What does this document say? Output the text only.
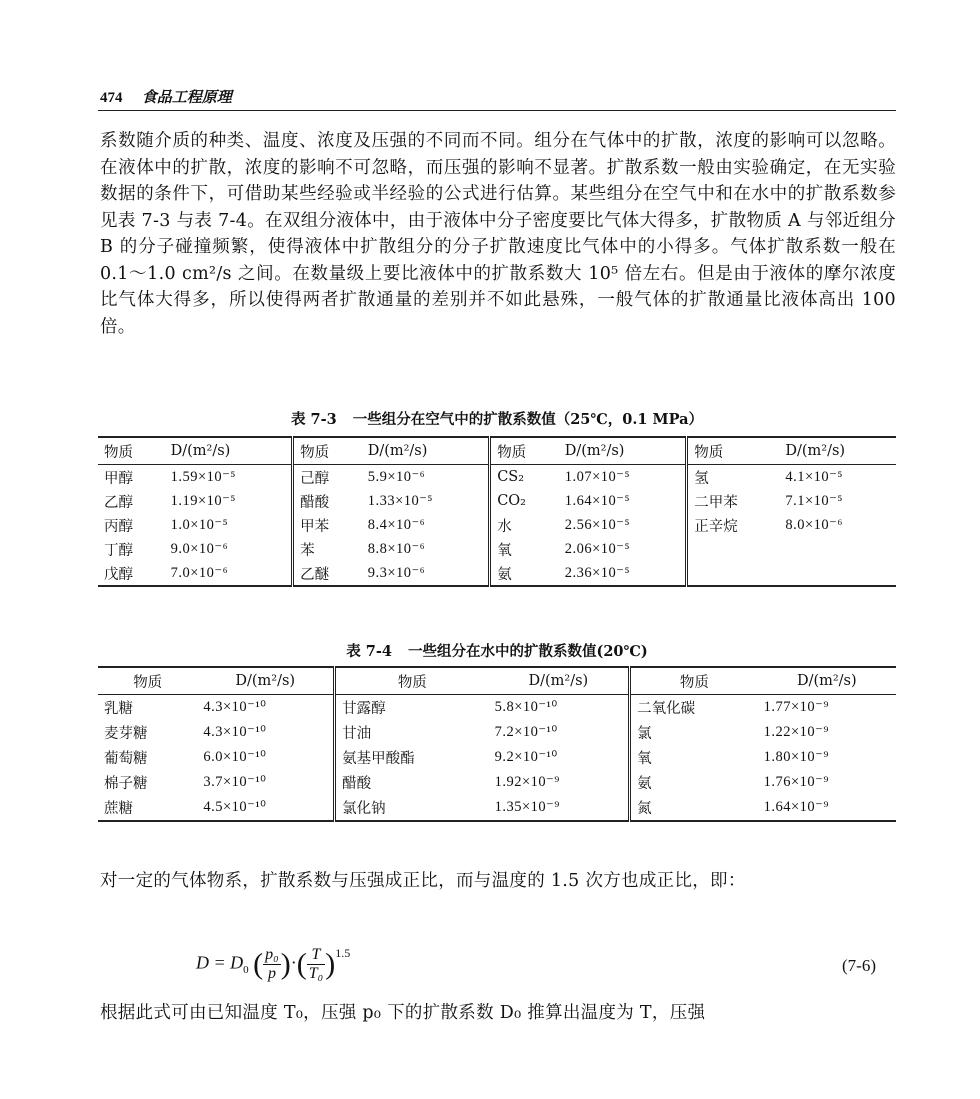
474 食品工程原理
系数随介质的种类、温度、浓度及压强的不同而不同。组分在气体中的扩散，浓度的影响可以忽略。在液体中的扩散，浓度的影响不可忽略，而压强的影响不显著。扩散系数一般由实验确定，在无实验数据的条件下，可借助某些经验或半经验的公式进行估算。某些组分在空气中和在水中的扩散系数参见表 7-3 与表 7-4。在双组分液体中，由于液体中分子密度要比气体大得多，扩散物质 A 与邻近组分 B 的分子碰撞频繁，使得液体中扩散组分的分子扩散速度比气体中的小得多。气体扩散系数一般在 0.1～1.0 cm²/s 之间。在数量级上要比液体中的扩散系数大 10⁵ 倍左右。但是由于液体的摩尔浓度比气体大得多，所以使得两者扩散通量的差别并不如此悬殊，一般气体的扩散通量比液体高出 100 倍。
表 7-3 一些组分在空气中的扩散系数值（25℃，0.1 MPa）
物质	D/(m²/s)	物质	D/(m²/s)	物质	D/(m²/s)	物质	D/(m²/s)
甲醇	1.59×10⁻⁵	己醇	5.9×10⁻⁶	CS₂	1.07×10⁻⁵	氢	4.1×10⁻⁵
乙醇	1.19×10⁻⁵	醋酸	1.33×10⁻⁵	CO₂	1.64×10⁻⁵	二甲苯	7.1×10⁻⁵
丙醇	1.0×10⁻⁵	甲苯	8.4×10⁻⁶	水	2.56×10⁻⁵	正辛烷	8.0×10⁻⁶
丁醇	9.0×10⁻⁶	苯	8.8×10⁻⁶	氧	2.06×10⁻⁵		
戊醇	7.0×10⁻⁶	乙醚	9.3×10⁻⁶	氨	2.36×10⁻⁵		
表 7-4 一些组分在水中的扩散系数值(20℃)
物质	D/(m²/s)	物质	D/(m²/s)	物质	D/(m²/s)
乳糖	4.3×10⁻¹⁰	甘露醇	5.8×10⁻¹⁰	二氧化碳	1.77×10⁻⁹
麦芽糖	4.3×10⁻¹⁰	甘油	7.2×10⁻¹⁰	氯	1.22×10⁻⁹
葡萄糖	6.0×10⁻¹⁰	氨基甲酸酯	9.2×10⁻¹⁰	氧	1.80×10⁻⁹
棉子糖	3.7×10⁻¹⁰	醋酸	1.92×10⁻⁹	氨	1.76×10⁻⁹
蔗糖	4.5×10⁻¹⁰	氯化钠	1.35×10⁻⁹	氮	1.64×10⁻⁹
对一定的气体物系，扩散系数与压强成正比，而与温度的 1.5 次方也成正比，即：
$D = D_0$ ( $\frac{\text{p₀}}{p}$ )·( $\frac{T}{\text{T₀}} )^{1.5}$
(7-6)
根据此式可由已知温度 T₀，压强 p₀ 下的扩散系数 D₀ 推算出温度为 T，压强
